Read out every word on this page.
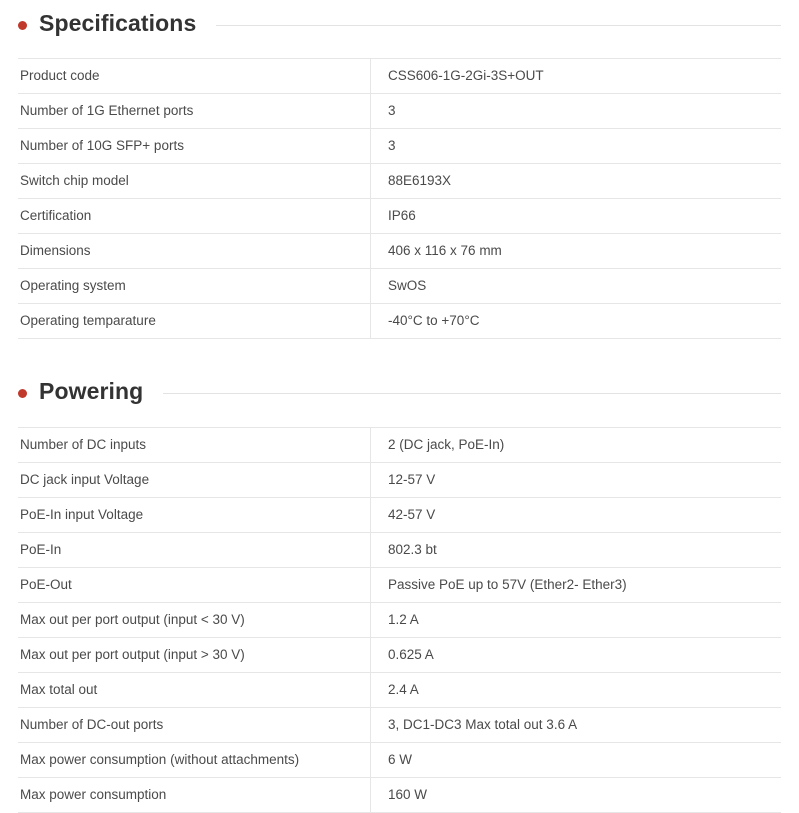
Specifications
Product code	CSS606-1G-2Gi-3S+OUT
Number of 1G Ethernet ports	3
Number of 10G SFP+ ports	3
Switch chip model	88E6193X
Certification	IP66
Dimensions	406 x 116 x 76 mm
Operating system	SwOS
Operating temparature	-40°C to +70°C
Powering
Number of DC inputs	2 (DC jack, PoE-In)
DC jack input Voltage	12-57 V
PoE-In input Voltage	42-57 V
PoE-In	802.3 bt
PoE-Out	Passive PoE up to 57V (Ether2- Ether3)
Max out per port output (input < 30 V)	1.2 A
Max out per port output (input > 30 V)	0.625 A
Max total out	2.4 A
Number of DC-out ports	3, DC1-DC3 Max total out 3.6 A
Max power consumption (without attachments)	6 W
Max power consumption	160 W
